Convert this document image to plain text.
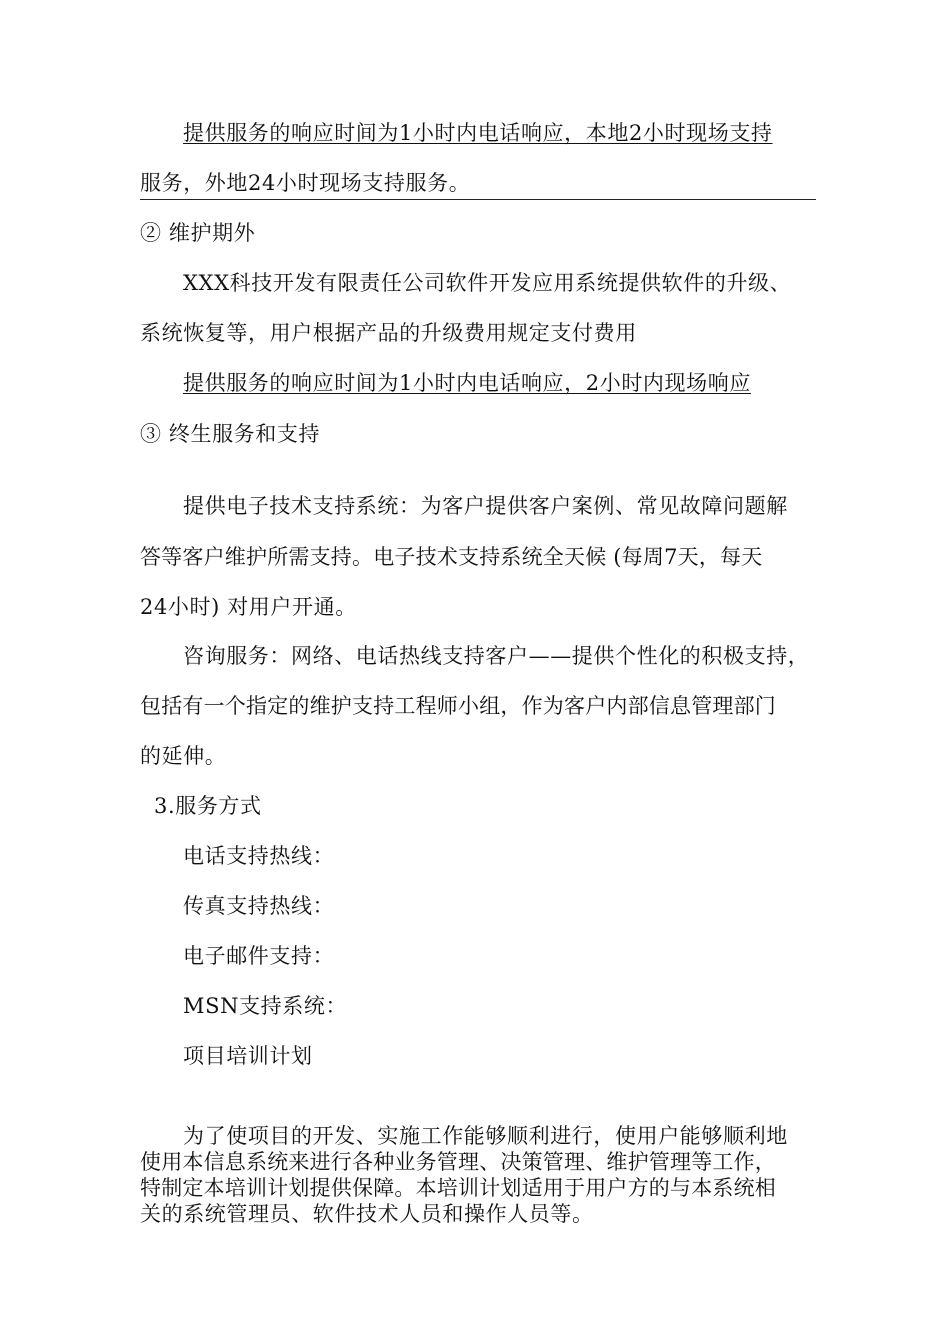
提供服务的响应时间为1小时内电话响应，本地2小时现场支持
服务，外地24小时现场支持服务。
② 维护期外
XXX科技开发有限责任公司软件开发应用系统提供软件的升级、
系统恢复等，用户根据产品的升级费用规定支付费用
提供服务的响应时间为1小时内电话响应，2小时内现场响应
③ 终生服务和支持
提供电子技术支持系统：为客户提供客户案例、常见故障问题解
答等客户维护所需支持。电子技术支持系统全天候 (每周7天，每天
24小时) 对用户开通。
咨询服务：网络、电话热线支持客户——提供个性化的积极支持，
包括有一个指定的维护支持工程师小组，作为客户内部信息管理部门
的延伸。
3.服务方式
电话支持热线：
传真支持热线：
电子邮件支持：
MSN支持系统：
项目培训计划
为了使项目的开发、实施工作能够顺利进行，使用户能够顺利地
使用本信息系统来进行各种业务管理、决策管理、维护管理等工作，
特制定本培训计划提供保障。本培训计划适用于用户方的与本系统相
关的系统管理员、软件技术人员和操作人员等。
